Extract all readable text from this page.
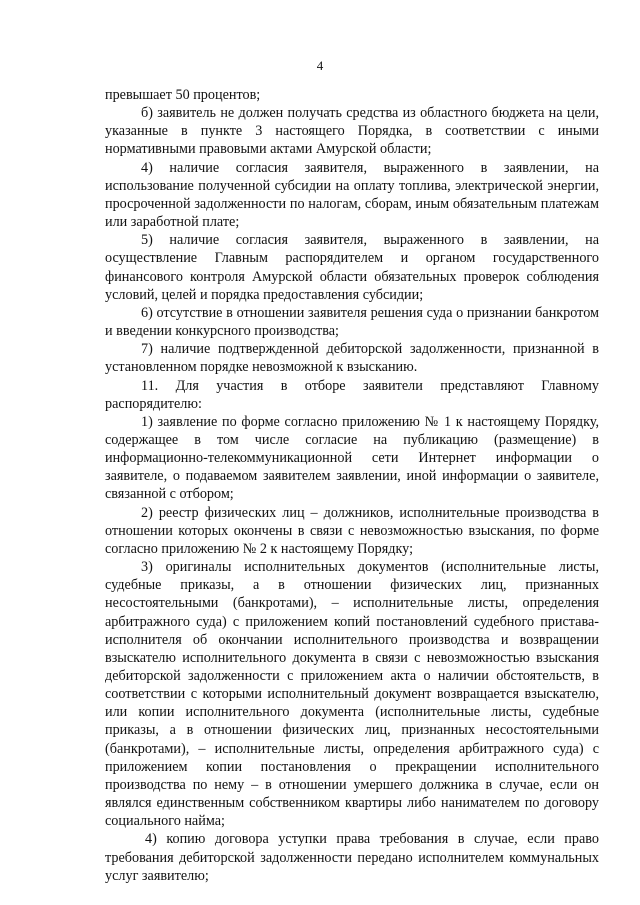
4

превышает 50 процентов;

б) заявитель не должен получать средства из областного бюджета на цели, указанные в пункте 3 настоящего Порядка, в соответствии с иными нормативными правовыми актами Амурской области;

4) наличие согласия заявителя, выраженного в заявлении, на использование полученной субсидии на оплату топлива, электрической энергии, просроченной задолженности по налогам, сборам, иным обязательным платежам или заработной плате;

5) наличие согласия заявителя, выраженного в заявлении, на осуществление Главным распорядителем и органом государственного финансового контроля Амурской области обязательных проверок соблюдения условий, целей и порядка предоставления субсидии;

6) отсутствие в отношении заявителя решения суда о признании банкротом и введении конкурсного производства;

7) наличие подтвержденной дебиторской задолженности, признанной в установленном порядке невозможной к взысканию.

11. Для участия в отборе заявители представляют Главному распорядителю:

1) заявление по форме согласно приложению № 1 к настоящему Порядку, содержащее в том числе согласие на публикацию (размещение) в информационно-телекоммуникационной сети Интернет информации о заявителе, о подаваемом заявителем заявлении, иной информации о заявителе, связанной с отбором;

2) реестр физических лиц – должников, исполнительные производства в отношении которых окончены в связи с невозможностью взыскания, по форме согласно приложению № 2 к настоящему Порядку;

3) оригиналы исполнительных документов (исполнительные листы, судебные приказы, а в отношении физических лиц, признанных несостоятельными (банкротами), – исполнительные листы, определения арбитражного суда) с приложением копий постановлений судебного пристава-исполнителя об окончании исполнительного производства и возвращении взыскателю исполнительного документа в связи с невозможностью взыскания дебиторской задолженности с приложением акта о наличии обстоятельств, в соответствии с которыми исполнительный документ возвращается взыскателю, или копии исполнительного документа (исполнительные листы, судебные приказы, а в отношении физических лиц, признанных несостоятельными (банкротами), – исполнительные листы, определения арбитражного суда) с приложением копии постановления о прекращении исполнительного производства по нему – в отношении умершего должника в случае, если он являлся единственным собственником квартиры либо нанимателем по договору социального найма;

4) копию договора уступки права требования в случае, если право требования дебиторской задолженности передано исполнителем коммунальных услуг заявителю;
